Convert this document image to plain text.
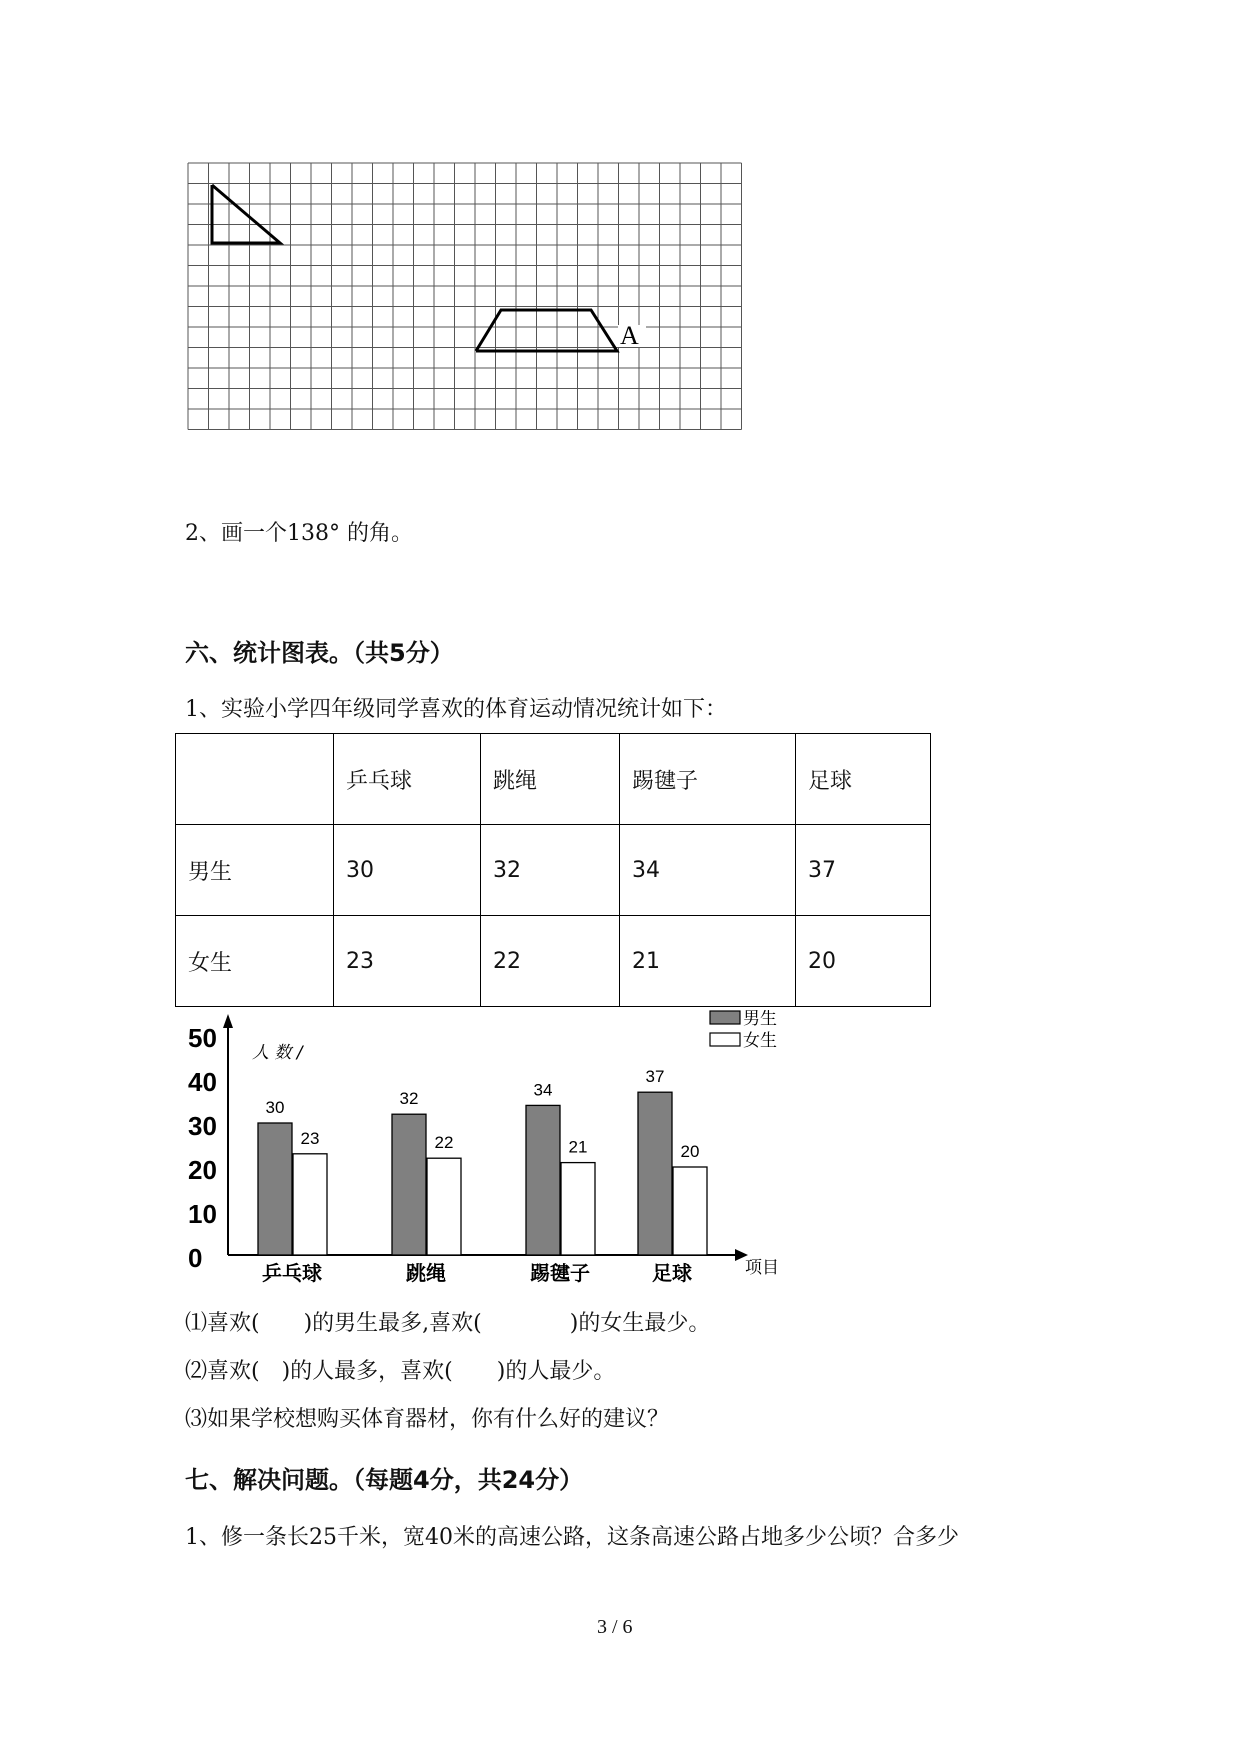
A
2、画一个138° 的角。
六、统计图表。（共5分）
1、实验小学四年级同学喜欢的体育运动情况统计如下：
	乒乓球	跳绳	踢毽子	足球
男生	30	32	34	37
女生	23	22	21	20
0
10
20
30
40
50 人 数 /
项目
30
23
乒乓球
32
22
跳绳
34
21
踢毽子
37
20
足球
男生
女生
⑴喜欢(　　)的男生最多,喜欢(　　　　)的女生最少。
⑵喜欢(　)的人最多，喜欢(　　)的人最少。
⑶如果学校想购买体育器材，你有什么好的建议？
七、解决问题。（每题4分，共24分）
1、修一条长25千米，宽40米的高速公路，这条高速公路占地多少公顷？合多少
3 / 6
